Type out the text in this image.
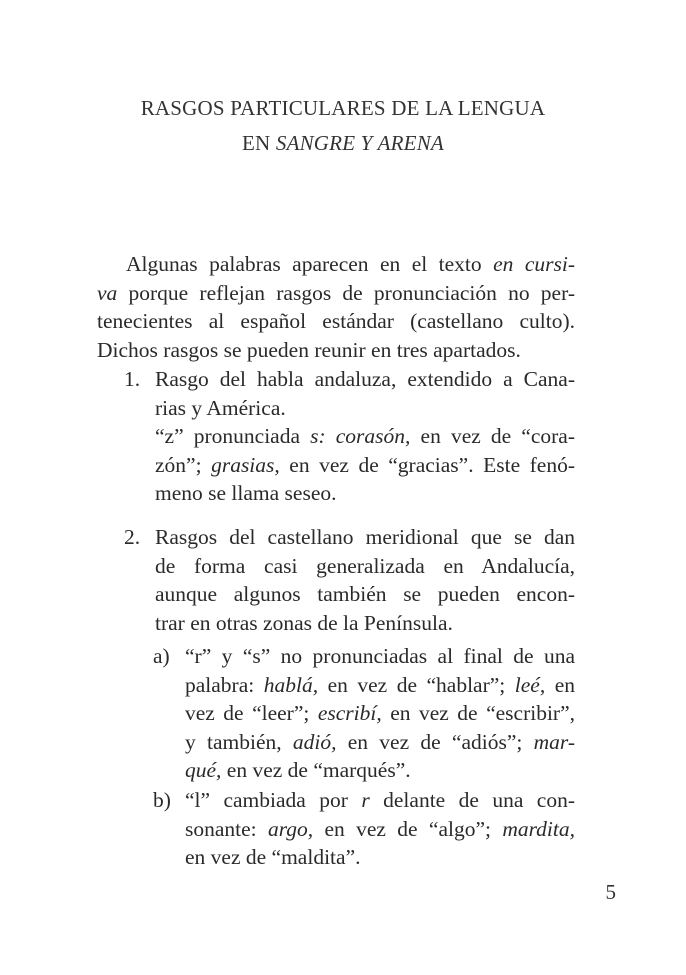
RASGOS PARTICULARES DE LA LENGUA
EN SANGRE Y ARENA
Algunas palabras aparecen en el texto en cursi-
va porque reflejan rasgos de pronunciación no per-
tenecientes al español estándar (castellano culto).
Dichos rasgos se pueden reunir en tres apartados.
1. Rasgo del habla andaluza, extendido a Cana-
rias y América.
“z” pronunciada s: corasón, en vez de “cora-
zón”; grasias, en vez de “gracias”. Este fenó-
meno se llama seseo.
2. Rasgos del castellano meridional que se dan
de forma casi generalizada en Andalucía,
aunque algunos también se pueden encon-
trar en otras zonas de la Península.
a) “r” y “s” no pronunciadas al final de una
palabra: hablá, en vez de “hablar”; leé, en
vez de “leer”; escribí, en vez de “escribir”,
y también, adió, en vez de “adiós”; mar-
qué, en vez de “marqués”.
b) “l” cambiada por r delante de una con-
sonante: argo, en vez de “algo”; mardita,
en vez de “maldita”.
5
